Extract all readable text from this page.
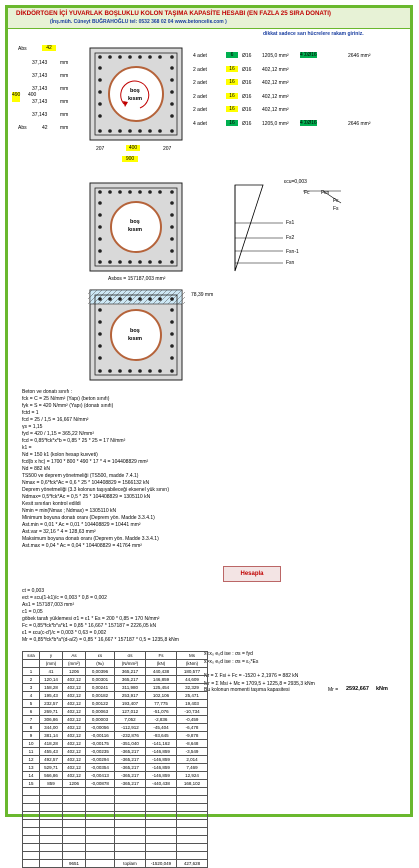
DİKDÖRTGEN İÇİ YUVARLAK BOŞLUKLU KOLON TAŞIMA KAPASİTE HESABI (EN FAZLA 25 SIRA DONATI)
(İnş.müh. Cüneyt BUĞRAHOĞLU tel: 0532 368 02 04 www.betonceliк.com )
dikkat sadece sarı hücrelere rakam giriniz.
Abs	42
37,143	mm
37,143	mm
37,143	mm
37,143	mm
37,143	mm
Abs	42 mm
490 400
boş
kısım
207	400	207
900
4 adet	6	Ø16 1205,0 mm² 4 ΣØ16	2646 mm²
2 adet	16	Ø16 402,12 mm²
2 adet	16	Ø16 402,12 mm²
2 adet	16	Ø16 402,12 mm²
2 adet	16	Ø16 402,12 mm²
4 adet	16	Ø16 1205,0 mm² 4 ΣØ16	2646 mm²
boş
kısım
εcu=0,003
Fcn
Fc
Fs
Fc
Fs1
Fs2
Fsn-1
Fsn
Asbos = 157187,003 mm²
boş
kısım
78,39 mm
Beton ve donatı sınıfı :
fck = C = 25 N/mm² (Yapı) (beton sınıfı)
fyk = S = 420 N/mm² (Yapı) (donatı sınıfı)
fctd = 1
fcd = 25 / 1,5 = 16,667 N/mm²
γs = 1,15
fyd = 420 / 1,15 = 365,22 N/mm²
fcd = 0,85*fck*x*b = 0,85 * 25 * 25 = 17 N/mm²
k1 =
Nd = 150 k1 (kolon hesap kuvveti)
fcd(b x hc) = 1700 * 800 * 490 * 17 * 4 = 104408829 mm²
Nd = 882 kN
TS500 ve deprem yönetmeliği (TS500, madde 7.4.1)
Nmax = 0,6*fck*Ac = 0,6 * 25 * 104408829 = 1566132 kN
Deprem yönetmeliği (3.3 kolonun taşıyabileceği eksenel yük sınırı)
Ndmax= 0,5*fck*Ac = 0,5 * 25 * 104408829 = 1305110 kN
Kesit sınırları kontrol edildi
Nmin = min(Nmax ; Ndmax) = 1305110 kN
Minimum boyuna donatı oranı (Deprem yön. Madde 3.3.4.1)
Ast.min = 0,01 * Ac = 0,01 * 104408829 = 10441 mm²
Ast.var = 32,16 * 4 = 128,63 mm²
Maksimum boyuna donatı oranı (Deprem yön. Madde 3.3.4.1)
Ast.max = 0,04 * Ac = 0,04 * 104408829 = 41764 mm²
ct = 0,003
ect = εcu(1-k1)/c = 0,003 * 0,8 = 0,002
As1 = 157187,003 mm²
c1 = 0,05
göbek tarafı yüklemesi σ1 = ε1 * Es = 200 * 0,85 = 170 N/mm²
Fc = 0,85*fck*b*a*k1 = 0,85 * 16,667 * 157187 = 2226,05 kN
ε1 = εcu(c-d')/c = 0,003 * 0,63 = 0,002
Mr = 0,85*fck*b*a*(d-a/2) = 0,85 * 16,667 * 157187 * 0,5 = 1235,8 kNm
Hesapla
x<x₀ e₀d ise : σs = fyd
x>x₀ e₀d ise : σs = ε₀*Es
Nr = Σ Fsi + Fc = -1520 + 2,1976 = 882 kN
Mr = Σ Msi + Mc = 1709,5 + 1225,8 = 2935,3 kNm
Bu kolonun momenti taşıma kapasitesi	Mr = 2592,667 kNm
sıra	y	As	εs	σs	Fs	Ms
	(mm)	(mm²)	(‰)	(N/mm²)	(kN)	(kNm)
1	41	1206	0,00396	365,217	440,438	180,577
2	120,14	402,12	0,00301	365,217	146,859	44,609
3	158,28	402,12	0,00241	311,980	125,454	32,329
4	195,43	402,12	0,00182	253,917	102,106	25,471
5	232,57	402,12	0,00122	193,407	77,775	19,403
6	269,71	402,12	0,00063	127,012	-51,076	-10,734
7	306,86	402,12	0,00003	7,052	-2,836	-0,459
8	344,00	402,12	-0,00056	-112,912	-45,404	-6,478
9	381,14	402,12	-0,00116	-232,876	-93,645	-9,878
10	418,28	402,12	-0,00175	-351,040	-141,162	-8,648
11	455,43	402,12	-0,00235	-365,217	-146,859	-3,549
12	492,57	402,12	-0,00294	-365,217	-146,859	2,014
13	529,71	402,12	-0,00354	-365,217	-146,859	7,469
14	566,86	402,12	-0,00413	-365,217	-146,859	12,924
15	859	1206	-0,00878	-365,217	-440,438	168,102

		9651		toplam	-1520,049	427,628
